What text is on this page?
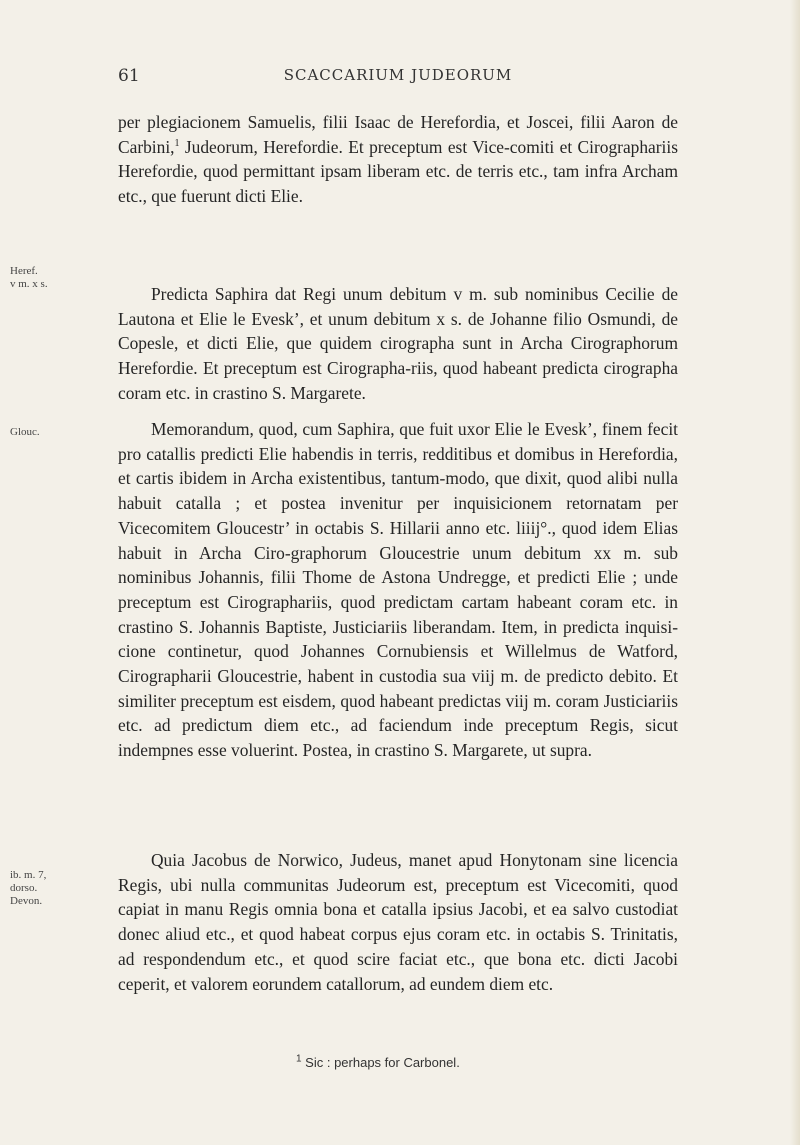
61	SCACCARIUM JUDEORUM
Heref.
v m. x s.
Glouc.
ib. m. 7,
dorso.
Devon.

per plegiacionem Samuelis, filii Isaac de Herefordia, et Joscei, filii Aaron de Carbini,$^1$ Judeorum, Herefordie. Et preceptum est Vice-comiti et Cirographariis Herefordie, quod permittant ipsam liberam etc. de terris etc., tam infra Archam etc., que fuerunt dicti Elie.

Predicta Saphira dat Regi unum debitum v m. sub nominibus Cecilie de Lautona et Elie le Evesk’, et unum debitum x s. de Johanne filio Osmundi, de Copesle, et dicti Elie, que quidem cirographa sunt in Archa Cirographorum Herefordie. Et preceptum est Cirographa-riis, quod habeant predicta cirographa coram etc. in crastino S. Margarete.

Memorandum, quod, cum Saphira, que fuit uxor Elie le Evesk’, finem fecit pro catallis predicti Elie habendis in terris, redditibus et domibus in Herefordia, et cartis ibidem in Archa existentibus, tantum-modo, que dixit, quod alibi nulla habuit catalla ; et postea invenitur per inquisicionem retornatam per Vicecomitem Gloucestr’ in octabis S. Hillarii anno etc. liiij°., quod idem Elias habuit in Archa Ciro-graphorum Gloucestrie unum debitum xx m. sub nominibus Johannis, filii Thome de Astona Undregge, et predicti Elie ; unde preceptum est Cirographariis, quod predictam cartam habeant coram etc. in crastino S. Johannis Baptiste, Justiciariis liberandam. Item, in predicta inquisi-cione continetur, quod Johannes Cornubiensis et Willelmus de Watford, Cirographarii Gloucestrie, habent in custodia sua viij m. de predicto debito. Et similiter preceptum est eisdem, quod habeant predictas viij m. coram Justiciariis etc. ad predictum diem etc., ad faciendum inde preceptum Regis, sicut indempnes esse voluerint. Postea, in crastino S. Margarete, ut supra.

Quia Jacobus de Norwico, Judeus, manet apud Honytonam sine licencia Regis, ubi nulla communitas Judeorum est, preceptum est Vicecomiti, quod capiat in manu Regis omnia bona et catalla ipsius Jacobi, et ea salvo custodiat donec aliud etc., et quod habeat corpus ejus coram etc. in octabis S. Trinitatis, ad respondendum etc., et quod scire faciat etc., que bona etc. dicti Jacobi ceperit, et valorem eorundem catallorum, ad eundem diem etc.

$^1$ Sic : perhaps for Carbonel.
